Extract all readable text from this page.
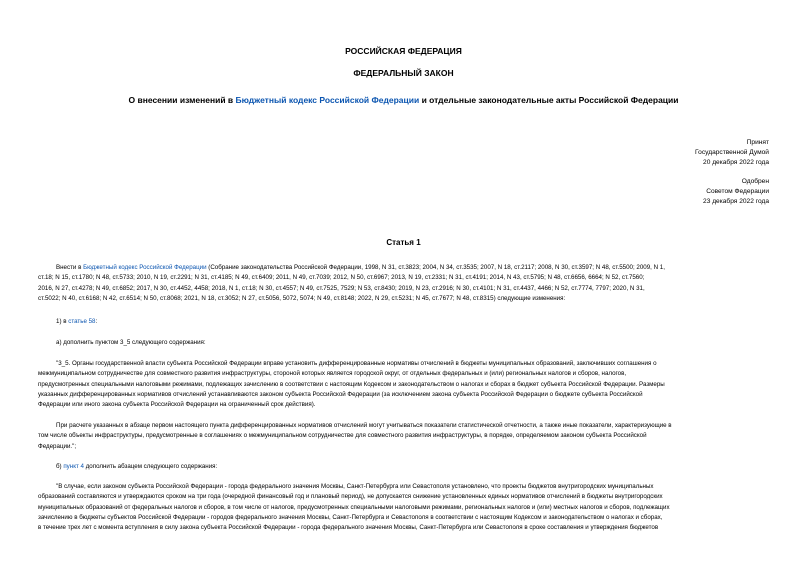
РОССИЙСКАЯ ФЕДЕРАЦИЯ
ФЕДЕРАЛЬНЫЙ ЗАКОН
О внесении изменений в Бюджетный кодекс Российской Федерации и отдельные законодательные акты Российской Федерации
Принят
Государственной Думой
20 декабря 2022 года
Одобрен
Советом Федерации
23 декабря 2022 года
Статья 1
Внести в Бюджетный кодекс Российской Федерации (Собрание законодательства Российской Федерации, 1998, N 31, ст.3823; 2004, N 34, ст.3535; 2007, N 18, ст.2117; 2008, N 30, ст.3597; N 48, ст.5500; 2009, N 1,
ст.18; N 15, ст.1780; N 48, ст.5733; 2010, N 19, ст.2291; N 31, ст.4185; N 49, ст.6409; 2011, N 49, ст.7039; 2012, N 50, ст.6967; 2013, N 19, ст.2331; N 31, ст.4191; 2014, N 43, ст.5795; N 48, ст.6656, 6664; N 52, ст.7560;
2016, N 27, ст.4278; N 49, ст.6852; 2017, N 30, ст.4452, 4458; 2018, N 1, ст.18; N 30, ст.4557; N 49, ст.7525, 7529; N 53, ст.8430; 2019, N 23, ст.2916; N 30, ст.4101; N 31, ст.4437, 4466; N 52, ст.7774, 7797; 2020, N 31,
ст.5022; N 40, ст.6168; N 42, ст.6514; N 50, ст.8068; 2021, N 18, ст.3052; N 27, ст.5056, 5072, 5074; N 49, ст.8148; 2022, N 29, ст.5231; N 45, ст.7677; N 48, ст.8315) следующие изменения:
1) в статье 58:
а) дополнить пунктом 3_5 следующего содержания:
"3_5. Органы государственной власти субъекта Российской Федерации вправе установить дифференцированные нормативы отчислений в бюджеты муниципальных образований, заключивших соглашения о
межмуниципальном сотрудничестве для совместного развития инфраструктуры, стороной которых является городской округ, от отдельных федеральных и (или) региональных налогов и сборов, налогов,
предусмотренных специальными налоговыми режимами, подлежащих зачислению в соответствии с настоящим Кодексом и законодательством о налогах и сборах в бюджет субъекта Российской Федерации. Размеры
указанных дифференцированных нормативов отчислений устанавливаются законом субъекта Российской Федерации (за исключением закона субъекта Российской Федерации о бюджете субъекта Российской
Федерации или иного закона субъекта Российской Федерации на ограниченный срок действия).
При расчете указанных в абзаце первом настоящего пункта дифференцированных нормативов отчислений могут учитываться показатели статистической отчетности, а также иные показатели, характеризующие в
том числе объекты инфраструктуры, предусмотренные в соглашениях о межмуниципальном сотрудничестве для совместного развития инфраструктуры, в порядке, определяемом законом субъекта Российской
Федерации.";
б) пункт 4 дополнить абзацем следующего содержания:
"В случае, если законом субъекта Российской Федерации - города федерального значения Москвы, Санкт-Петербурга или Севастополя установлено, что проекты бюджетов внутригородских муниципальных
образований составляются и утверждаются сроком на три года (очередной финансовый год и плановый период), не допускается снижение установленных единых нормативов отчислений в бюджеты внутригородских
муниципальных образований от федеральных налогов и сборов, в том числе от налогов, предусмотренных специальными налоговыми режимами, региональных налогов и (или) местных налогов и сборов, подлежащих
зачислению в бюджеты субъектов Российской Федерации - городов федерального значения Москвы, Санкт-Петербурга и Севастополя в соответствии с настоящим Кодексом и законодательством о налогах и сборах,
в течение трех лет с момента вступления в силу закона субъекта Российской Федерации - города федерального значения Москвы, Санкт-Петербурга или Севастополя в сроке составления и утверждения бюджетов
